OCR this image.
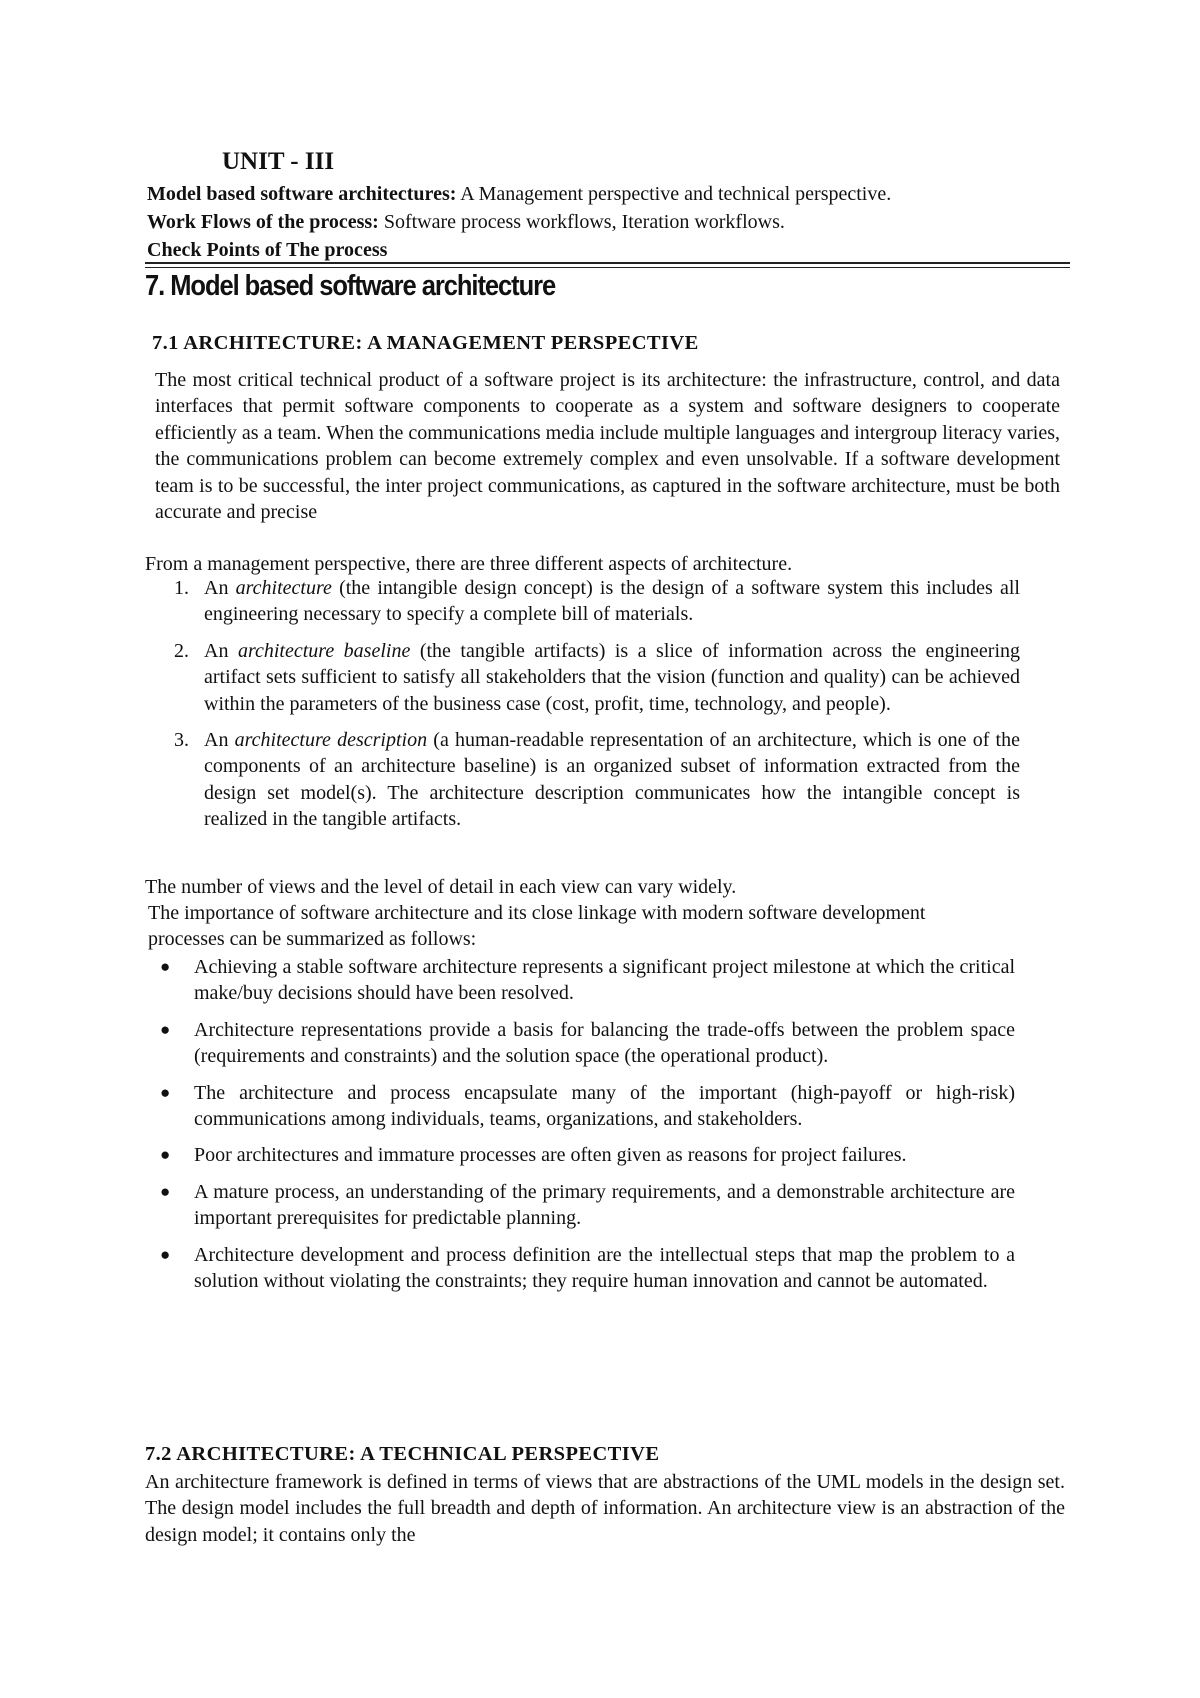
UNIT - III

Model based software architectures: A Management perspective and technical perspective.

Work Flows of the process: Software process workflows, Iteration workflows.

Check Points of The process

7. Model based software architecture
7.1 ARCHITECTURE: A MANAGEMENT PERSPECTIVE

The most critical technical product of a software project is its architecture: the infrastructure, control, and data interfaces that permit software components to cooperate as a system and software designers to cooperate efficiently as a team. When the communications media include multiple languages and intergroup literacy varies, the communications problem can become extremely complex and even unsolvable. If a software development team is to be successful, the inter project communications, as captured in the software architecture, must be both accurate and precise

From a management perspective, there are three different aspects of architecture.

1. An architecture (the intangible design concept) is the design of a software system this includes all engineering necessary to specify a complete bill of materials.
2. An architecture baseline (the tangible artifacts) is a slice of information across the engineering artifact sets sufficient to satisfy all stakeholders that the vision (function and quality) can be achieved within the parameters of the business case (cost, profit, time, technology, and people).
3. An architecture description (a human-readable representation of an architecture, which is one of the components of an architecture baseline) is an organized subset of information extracted from the design set model(s). The architecture description communicates how the intangible concept is realized in the tangible artifacts.

The number of views and the level of detail in each view can vary widely.

The importance of software architecture and its close linkage with modern software development processes can be summarized as follows:

● Achieving a stable software architecture represents a significant project milestone at which the critical make/buy decisions should have been resolved.
● Architecture representations provide a basis for balancing the trade-offs between the problem space (requirements and constraints) and the solution space (the operational product).
● The architecture and process encapsulate many of the important (high-payoff or high-risk) communications among individuals, teams, organizations, and stakeholders.
● Poor architectures and immature processes are often given as reasons for project failures.
● A mature process, an understanding of the primary requirements, and a demonstrable architecture are important prerequisites for predictable planning.
● Architecture development and process definition are the intellectual steps that map the problem to a solution without violating the constraints; they require human innovation and cannot be automated.
7.2 ARCHITECTURE: A TECHNICAL PERSPECTIVE

An architecture framework is defined in terms of views that are abstractions of the UML models in the design set. The design model includes the full breadth and depth of information. An architecture view is an abstraction of the design model; it contains only the
